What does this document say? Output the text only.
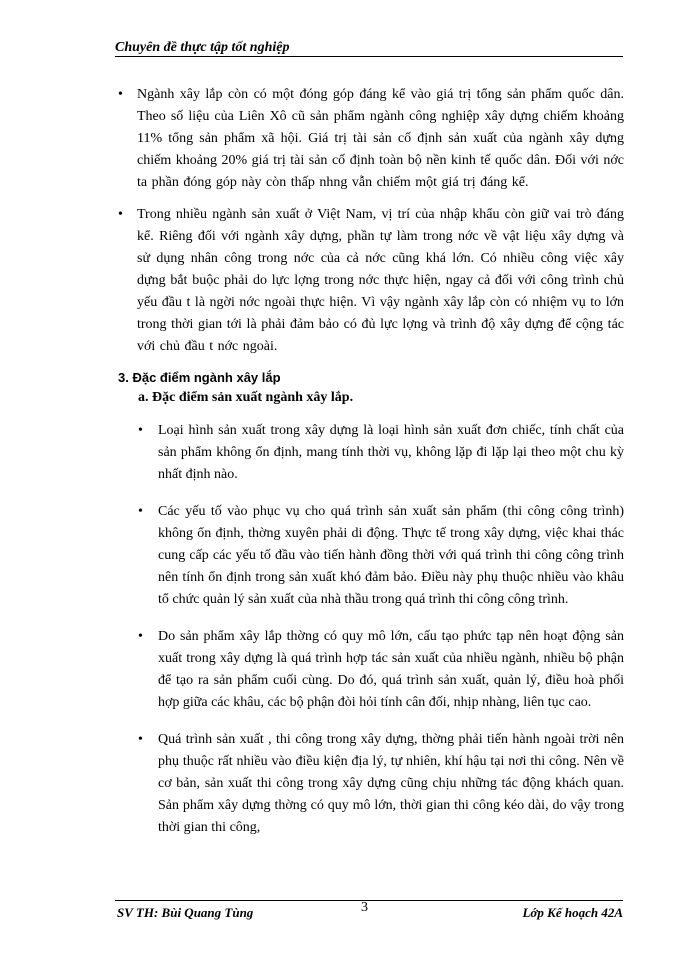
Chuyên đề thực tập tốt nghiệp
• Ngành xây lắp còn có một đóng góp đáng kể vào giá trị tổng sản phẩm quốc dân. Theo số liệu của Liên Xô cũ sản phẩm ngành công nghiệp xây dựng chiếm khoảng 11% tổng sản phẩm xã hội. Giá trị tài sản cố định sản xuất của ngành xây dựng chiếm khoảng 20% giá trị tài sản cố định toàn bộ nền kinh tế quốc dân. Đối với nớc ta phần đóng góp này còn thấp nhng vẫn chiếm một giá trị đáng kể.
• Trong nhiều ngành sản xuất ở Việt Nam, vị trí của nhập khẩu còn giữ vai trò đáng kể. Riêng đối với ngành xây dựng, phần tự làm trong nớc về vật liệu xây dựng và sử dụng nhân công trong nớc của cả nớc cũng khá lớn. Có nhiều công việc xây dựng bắt buộc phải do lực lợng trong nớc thực hiện, ngay cả đối với công trình chủ yếu đầu t là ngời nớc ngoài thực hiện. Vì vậy ngành xây lắp còn có nhiệm vụ to lớn trong thời gian tới là phải đảm bảo có đủ lực lợng và trình độ xây dựng để cộng tác với chủ đầu t nớc ngoài.
3. Đặc điểm ngành xây lắp
a. Đặc điểm sản xuất ngành xây lắp.
• Loại hình sản xuất trong xây dựng là loại hình sản xuất đơn chiếc, tính chất của sản phẩm không ổn định, mang tính thời vụ, không lặp đi lặp lại theo một chu kỳ nhất định nào.
• Các yếu tố vào phục vụ cho quá trình sản xuất sản phẩm (thi công công trình) không ổn định, thờng xuyên phải di động. Thực tế trong xây dựng, việc khai thác cung cấp các yếu tố đầu vào tiến hành đồng thời với quá trình thi công công trình nên tính ổn định trong sản xuất khó đảm bảo. Điều này phụ thuộc nhiều vào khâu tổ chức quản lý sản xuất của nhà thầu trong quá trình thi công công trình.
• Do sản phẩm xây lắp thờng có quy mô lớn, cấu tạo phức tạp nên hoạt động sản xuất trong xây dựng là quá trình hợp tác sản xuất của nhiều ngành, nhiều bộ phận để tạo ra sản phẩm cuối cùng. Do đó, quá trình sản xuất, quản lý, điều hoà phối hợp giữa các khâu, các bộ phận đòi hỏi tính cân đối, nhịp nhàng, liên tục cao.
• Quá trình sản xuất , thi công trong xây dựng, thờng phải tiến hành ngoài trời nên phụ thuộc rất nhiều vào điều kiện địa lý, tự nhiên, khí hậu tại nơi thi công. Nên về cơ bản, sản xuất thi công trong xây dựng cũng chịu những tác động khách quan. Sản phẩm xây dựng thờng có quy mô lớn, thời gian thi công kéo dài, do vậy trong thời gian thi công,
SV TH: Bùi Quang Tùng	3	Lớp Kế hoạch 42A
